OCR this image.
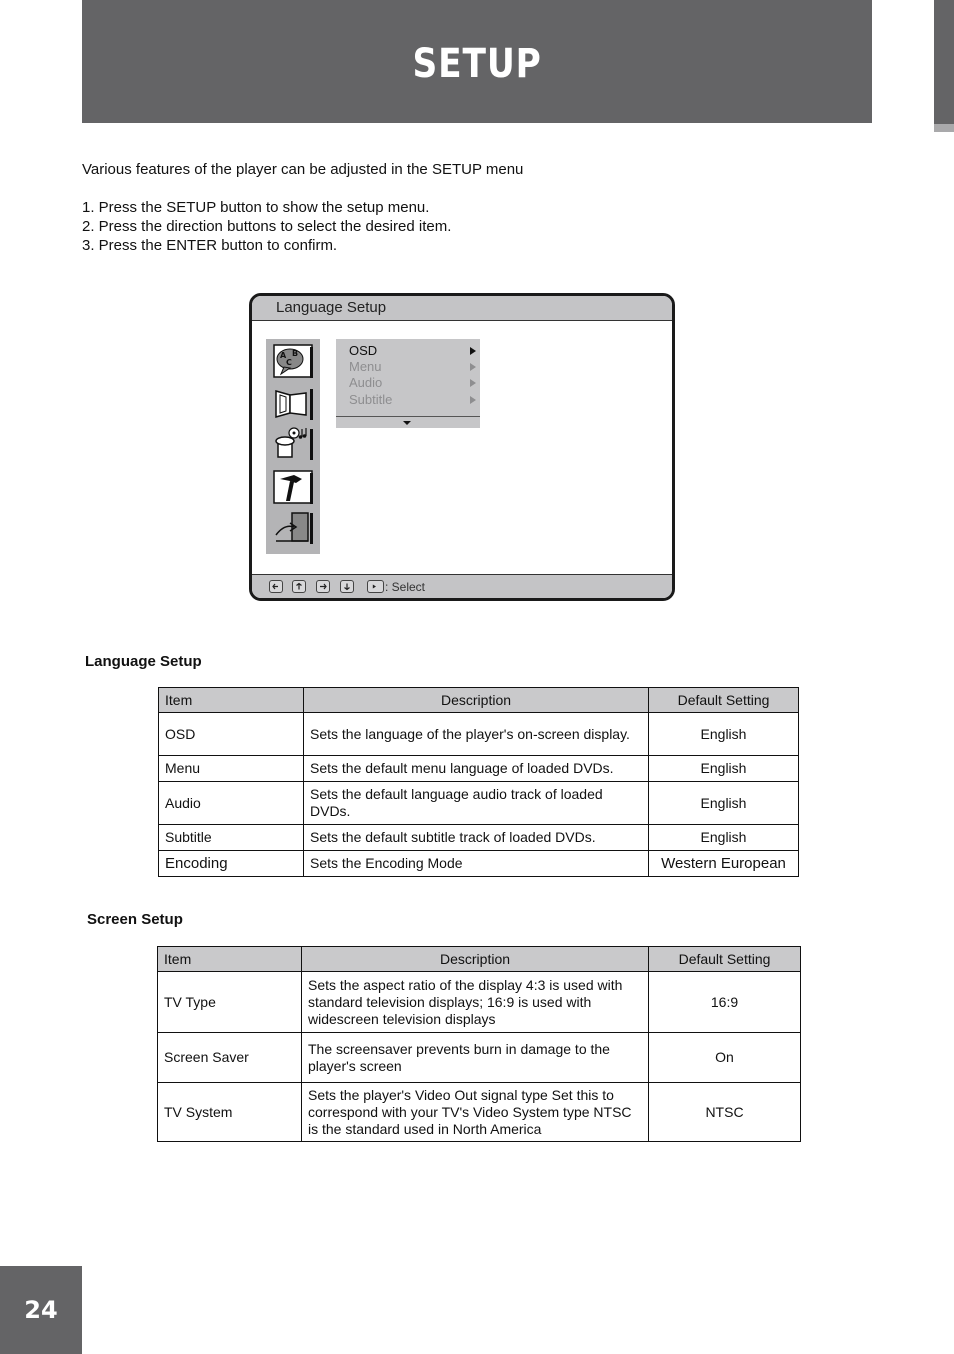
SETUP

Various features of the player can be adjusted in the SETUP menu

1. Press the SETUP button to show the setup menu.
2. Press the direction buttons to select the desired item.
3. Press the ENTER button to confirm.
Language Setup
A B
C
OSD
Menu
Audio
Subtitle
: Select
Language Setup
Item	Description	Default Setting
OSD	Sets the language of the player's on-screen display.	English
Menu	Sets the default menu language of loaded DVDs.	English
Audio	Sets the default language audio track of loaded DVDs.	English
Subtitle	Sets the default subtitle track of loaded DVDs.	English
Encoding	Sets the Encoding Mode	Western European
Screen Setup
Item	Description	Default Setting
TV Type	Sets the aspect ratio of the display 4:3 is used with standard television displays; 16:9 is used with widescreen television displays	16:9
Screen Saver	The screensaver prevents burn in damage to the player's screen	On
TV System	Sets the player's Video Out signal type Set this to correspond with your TV's Video System type NTSC is the standard used in North America	NTSC
24
